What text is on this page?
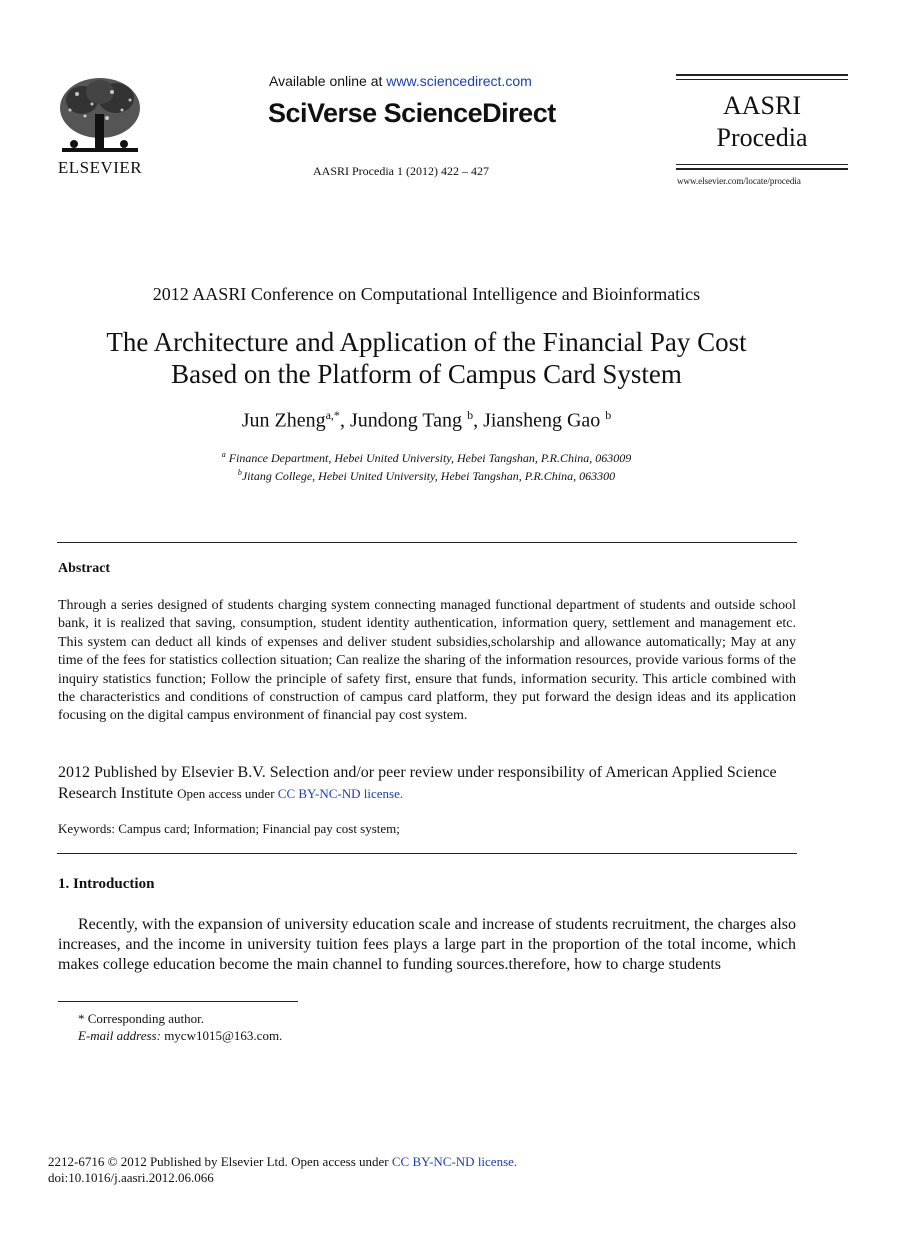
ELSEVIER
Available online at www.sciencedirect.com
SciVerse ScienceDirect
AASRI Procedia 1 (2012) 422 – 427
AASRI
Procedia
www.elsevier.com/locate/procedia
2012 AASRI Conference on Computational Intelligence and Bioinformatics
The Architecture and Application of the Financial Pay Cost
Based on the Platform of Campus Card System
Jun Zheng$^{a,*}$, Jundong Tang $^b$, Jiansheng Gao $^b$
$^a$ Finance Department, Hebei United University, Hebei Tangshan, P.R.China, 063009
$^b$Jitang College, Hebei United University, Hebei Tangshan, P.R.China, 063300
Abstract
Through a series designed of students charging system connecting managed functional department of students and outside school bank, it is realized that saving, consumption, student identity authentication, information query, settlement and management etc. This system can deduct all kinds of expenses and deliver student subsidies,scholarship and allowance automatically; May at any time of the fees for statistics collection situation; Can realize the sharing of the information resources, provide various forms of the inquiry statistics function; Follow the principle of safety first, ensure that funds, information security. This article combined with the characteristics and conditions of construction of campus card platform, they put forward the design ideas and its application focusing on the digital campus environment of financial pay cost system.
2012 Published by Elsevier B.V. Selection and/or peer review under responsibility of American Applied Science Research Institute Open access under CC BY-NC-ND license.
Keywords: Campus card; Information; Financial pay cost system;
1. Introduction
Recently, with the expansion of university education scale and increase of students recruitment, the charges also increases, and the income in university tuition fees plays a large part in the proportion of the total income, which makes college education become the main channel to funding sources.therefore, how to charge students
* Corresponding author.
E-mail address: mycw1015@163.com.
2212-6716 © 2012 Published by Elsevier Ltd. Open access under CC BY-NC-ND license.
doi:10.1016/j.aasri.2012.06.066
